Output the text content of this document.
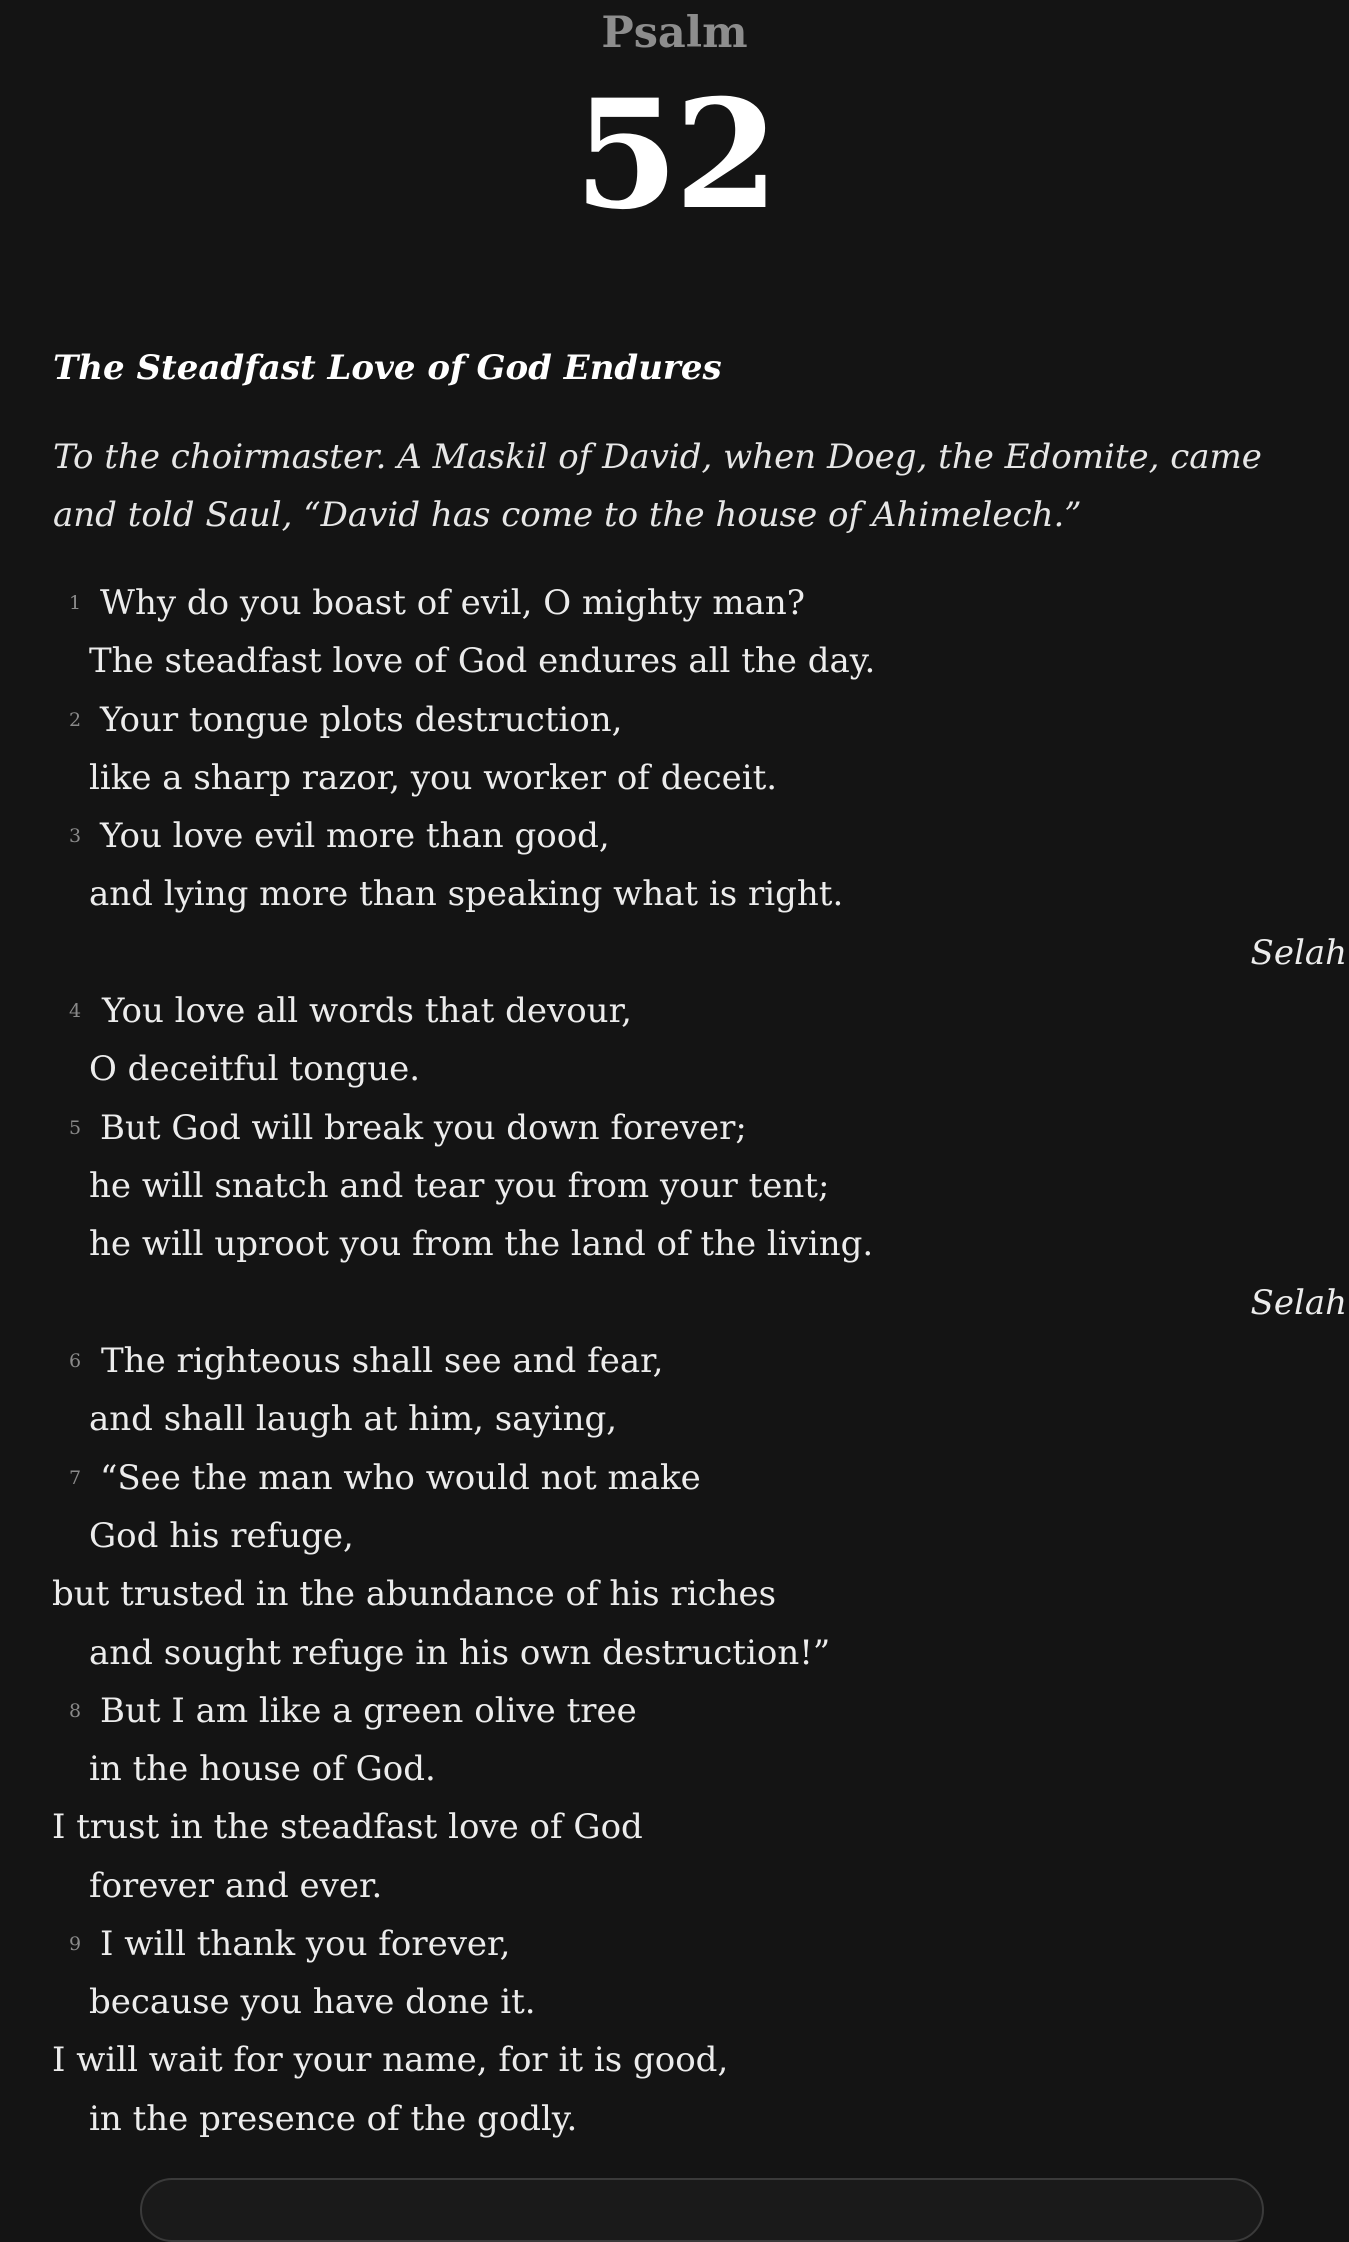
Psalm
52
The Steadfast Love of God Endures
To the choirmaster. A Maskil of David, when Doeg, the Edomite, came and told Saul, “David has come to the house of Ahimelech.”
1 Why do you boast of evil, O mighty man?
The steadfast love of God endures all the day.
2 Your tongue plots destruction,
like a sharp razor, you worker of deceit.
3 You love evil more than good,
and lying more than speaking what is right.
Selah
4 You love all words that devour,
O deceitful tongue.
5 But God will break you down forever;
he will snatch and tear you from your tent;
he will uproot you from the land of the living.
Selah
6 The righteous shall see and fear,
and shall laugh at him, saying,
7 “See the man who would not make
God his refuge,
but trusted in the abundance of his riches
and sought refuge in his own destruction!”
8 But I am like a green olive tree
in the house of God.
I trust in the steadfast love of God
forever and ever.
9 I will thank you forever,
because you have done it.
I will wait for your name, for it is good,
in the presence of the godly.
